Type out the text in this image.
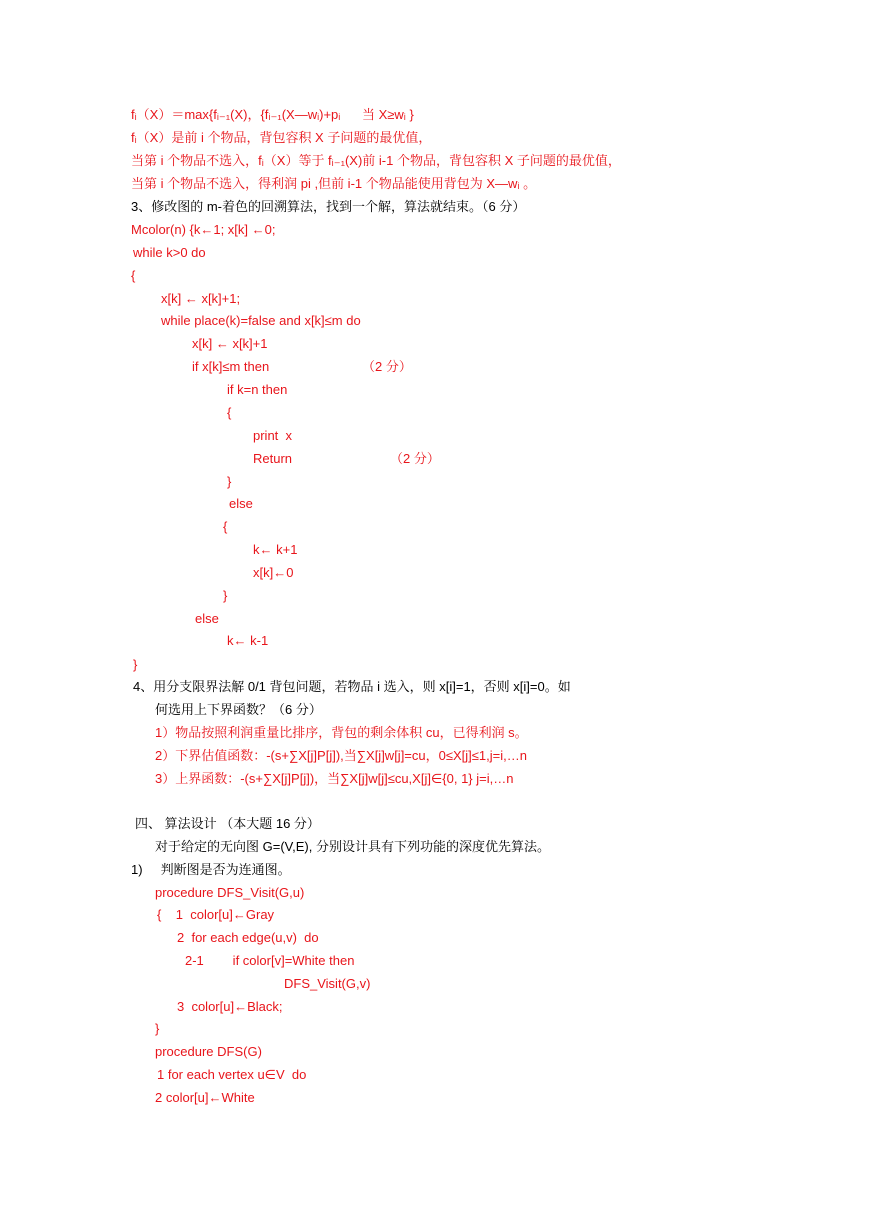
fᵢ（X）＝max{fᵢ₋₁(X)，{fᵢ₋₁(X—wᵢ)+pᵢ      当 X≥wᵢ }
fᵢ（X）是前 i 个物品，背包容积 X 子问题的最优值，
当第 i 个物品不选入，fᵢ（X）等于 fᵢ₋₁(X)前 i-1 个物品，背包容积 X 子问题的最优值，
当第 i 个物品不选入，得利润 pi ,但前 i-1 个物品能使用背包为 X—wᵢ 。
3、修改图的 m-着色的回溯算法，找到一个解，算法就结束。（6 分）
Mcolor(n) {k←1; x[k] ←0;
while k>0 do
{
x[k] ← x[k]+1;
while place(k)=false and x[k]≤m do
x[k] ← x[k]+1
if x[k]≤m then	（2 分）
if k=n then
{
print  x
Return	（2 分）
}
else
{
k← k+1
x[k]←0
}
else
k← k-1
}
4、用分支限界法解 0/1 背包问题，若物品 i 选入，则 x[i]=1，否则 x[i]=0。如
何选用上下界函数？（6 分）
1）物品按照利润重量比排序，背包的剩余体积 cu，已得利润 s。
2）下界估值函数：-(s+∑X[j]P[j]),当∑X[j]w[j]=cu，0≤X[j]≤1,j=i,…n
3）上界函数：-(s+∑X[j]P[j])，当∑X[j]w[j]≤cu,X[j]∈{0, 1} j=i,…n
四、 算法设计 （本大题 16 分）
对于给定的无向图 G=(V,E), 分别设计具有下列功能的深度优先算法。
1)     判断图是否为连通图。
procedure DFS_Visit(G,u)
{    1  color[u]←Gray
2  for each edge(u,v)  do
2-1        if color[v]=White then
DFS_Visit(G,v)
3  color[u]←Black;
}
procedure DFS(G)
1 for each vertex u∈V  do
2 color[u]←White
